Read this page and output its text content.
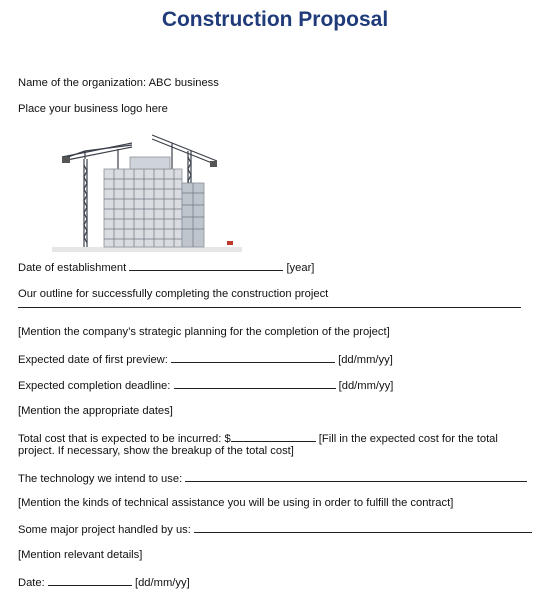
Construction Proposal
Name of the organization: ABC business
Place your business logo here
Date of establishment	[year]
Our outline for successfully completing the construction project
[Mention the company’s strategic planning for the completion of the project]
Expected date of first preview:	[dd/mm/yy]
Expected completion deadline:	[dd/mm/yy]
[Mention the appropriate dates]
Total cost that is expected to be incurred: $	[Fill in the expected cost for the total
project. If necessary, show the breakup of the total cost]
The technology we intend to use:
[Mention the kinds of technical assistance you will be using in order to fulfill the contract]
Some major project handled by us:
[Mention relevant details]
Date:	[dd/mm/yy]
